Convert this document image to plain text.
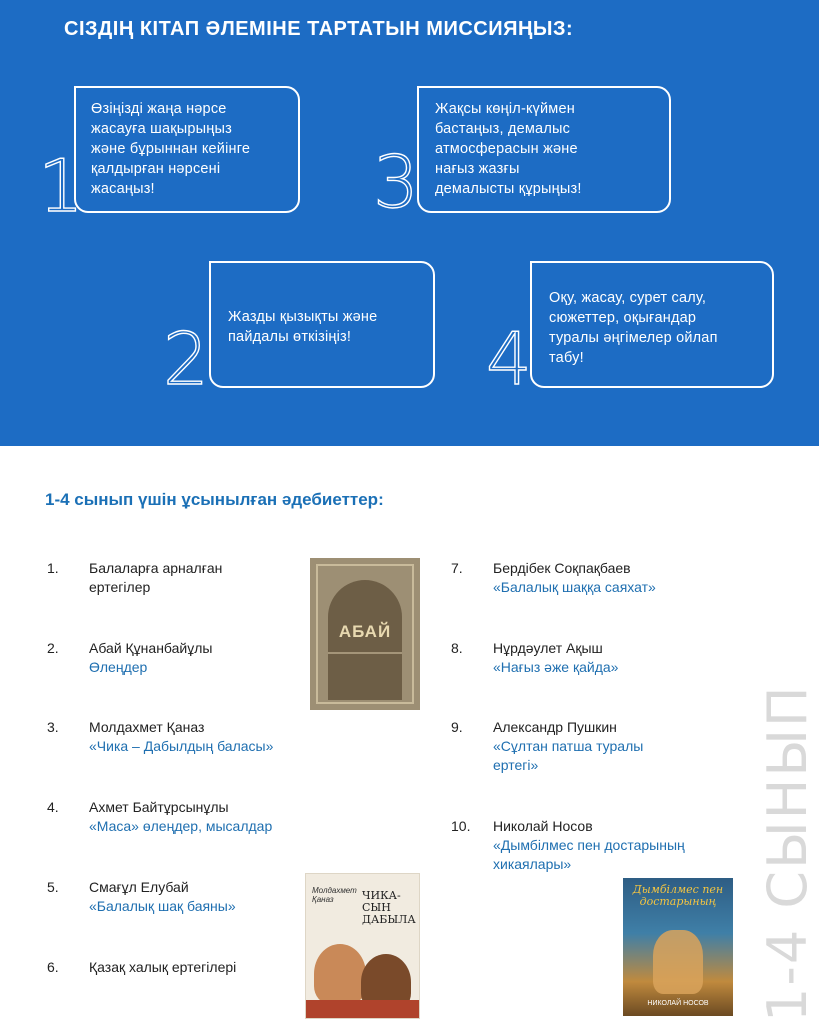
СІЗДІҢ КІТАП ӘЛЕМІНЕ ТАРТАТЫН МИССИЯҢЫЗ:
1
Өзіңізді жаңа нәрсе
жасауға шақырыңыз
және бұрыннан кейінге
қалдырған нәрсені
жасаңыз!	3
Жақсы көңіл-күймен
бастаңыз, демалыс
атмосферасын және
нағыз жазғы
демалысты құрыңыз!
2 Жазды қызықты және
пайдалы өткізіңіз!	4
Оқу, жасау, сурет салу,
сюжеттер, оқығандар
туралы әңгімелер ойлап
табу!
1-4 сынып үшін ұсынылған әдебиеттер:
1. Балаларға арналған
ертегілер
2. Абай Құнанбайұлы
Өлеңдер
3. Молдахмет Қаназ
«Чика – Дабылдың баласы»
4. Ахмет Байтұрсынұлы
«Маса» өлеңдер, мысалдар
5. Смағұл Елубай
«Балалық шақ баяны»
6. Қазақ халық ертегілері
7. Бердібек Соқпақбаев
«Балалық шаққа саяхат»
8. Нұрдәулет Ақыш
«Нағыз әже қайда»
9. Александр Пушкин
«Сұлтан патша туралы
ертегі»
10. Николай Носов
«Дымбілмес пен достарының
хикаялары»
АБАЙ
Молдахмет Қаназ	ЧИКА-СЫН ДАБЫЛА
Дымбілмес пен достарының
НИКОЛАЙ НОСОВ 1-4 СЫНЫП
